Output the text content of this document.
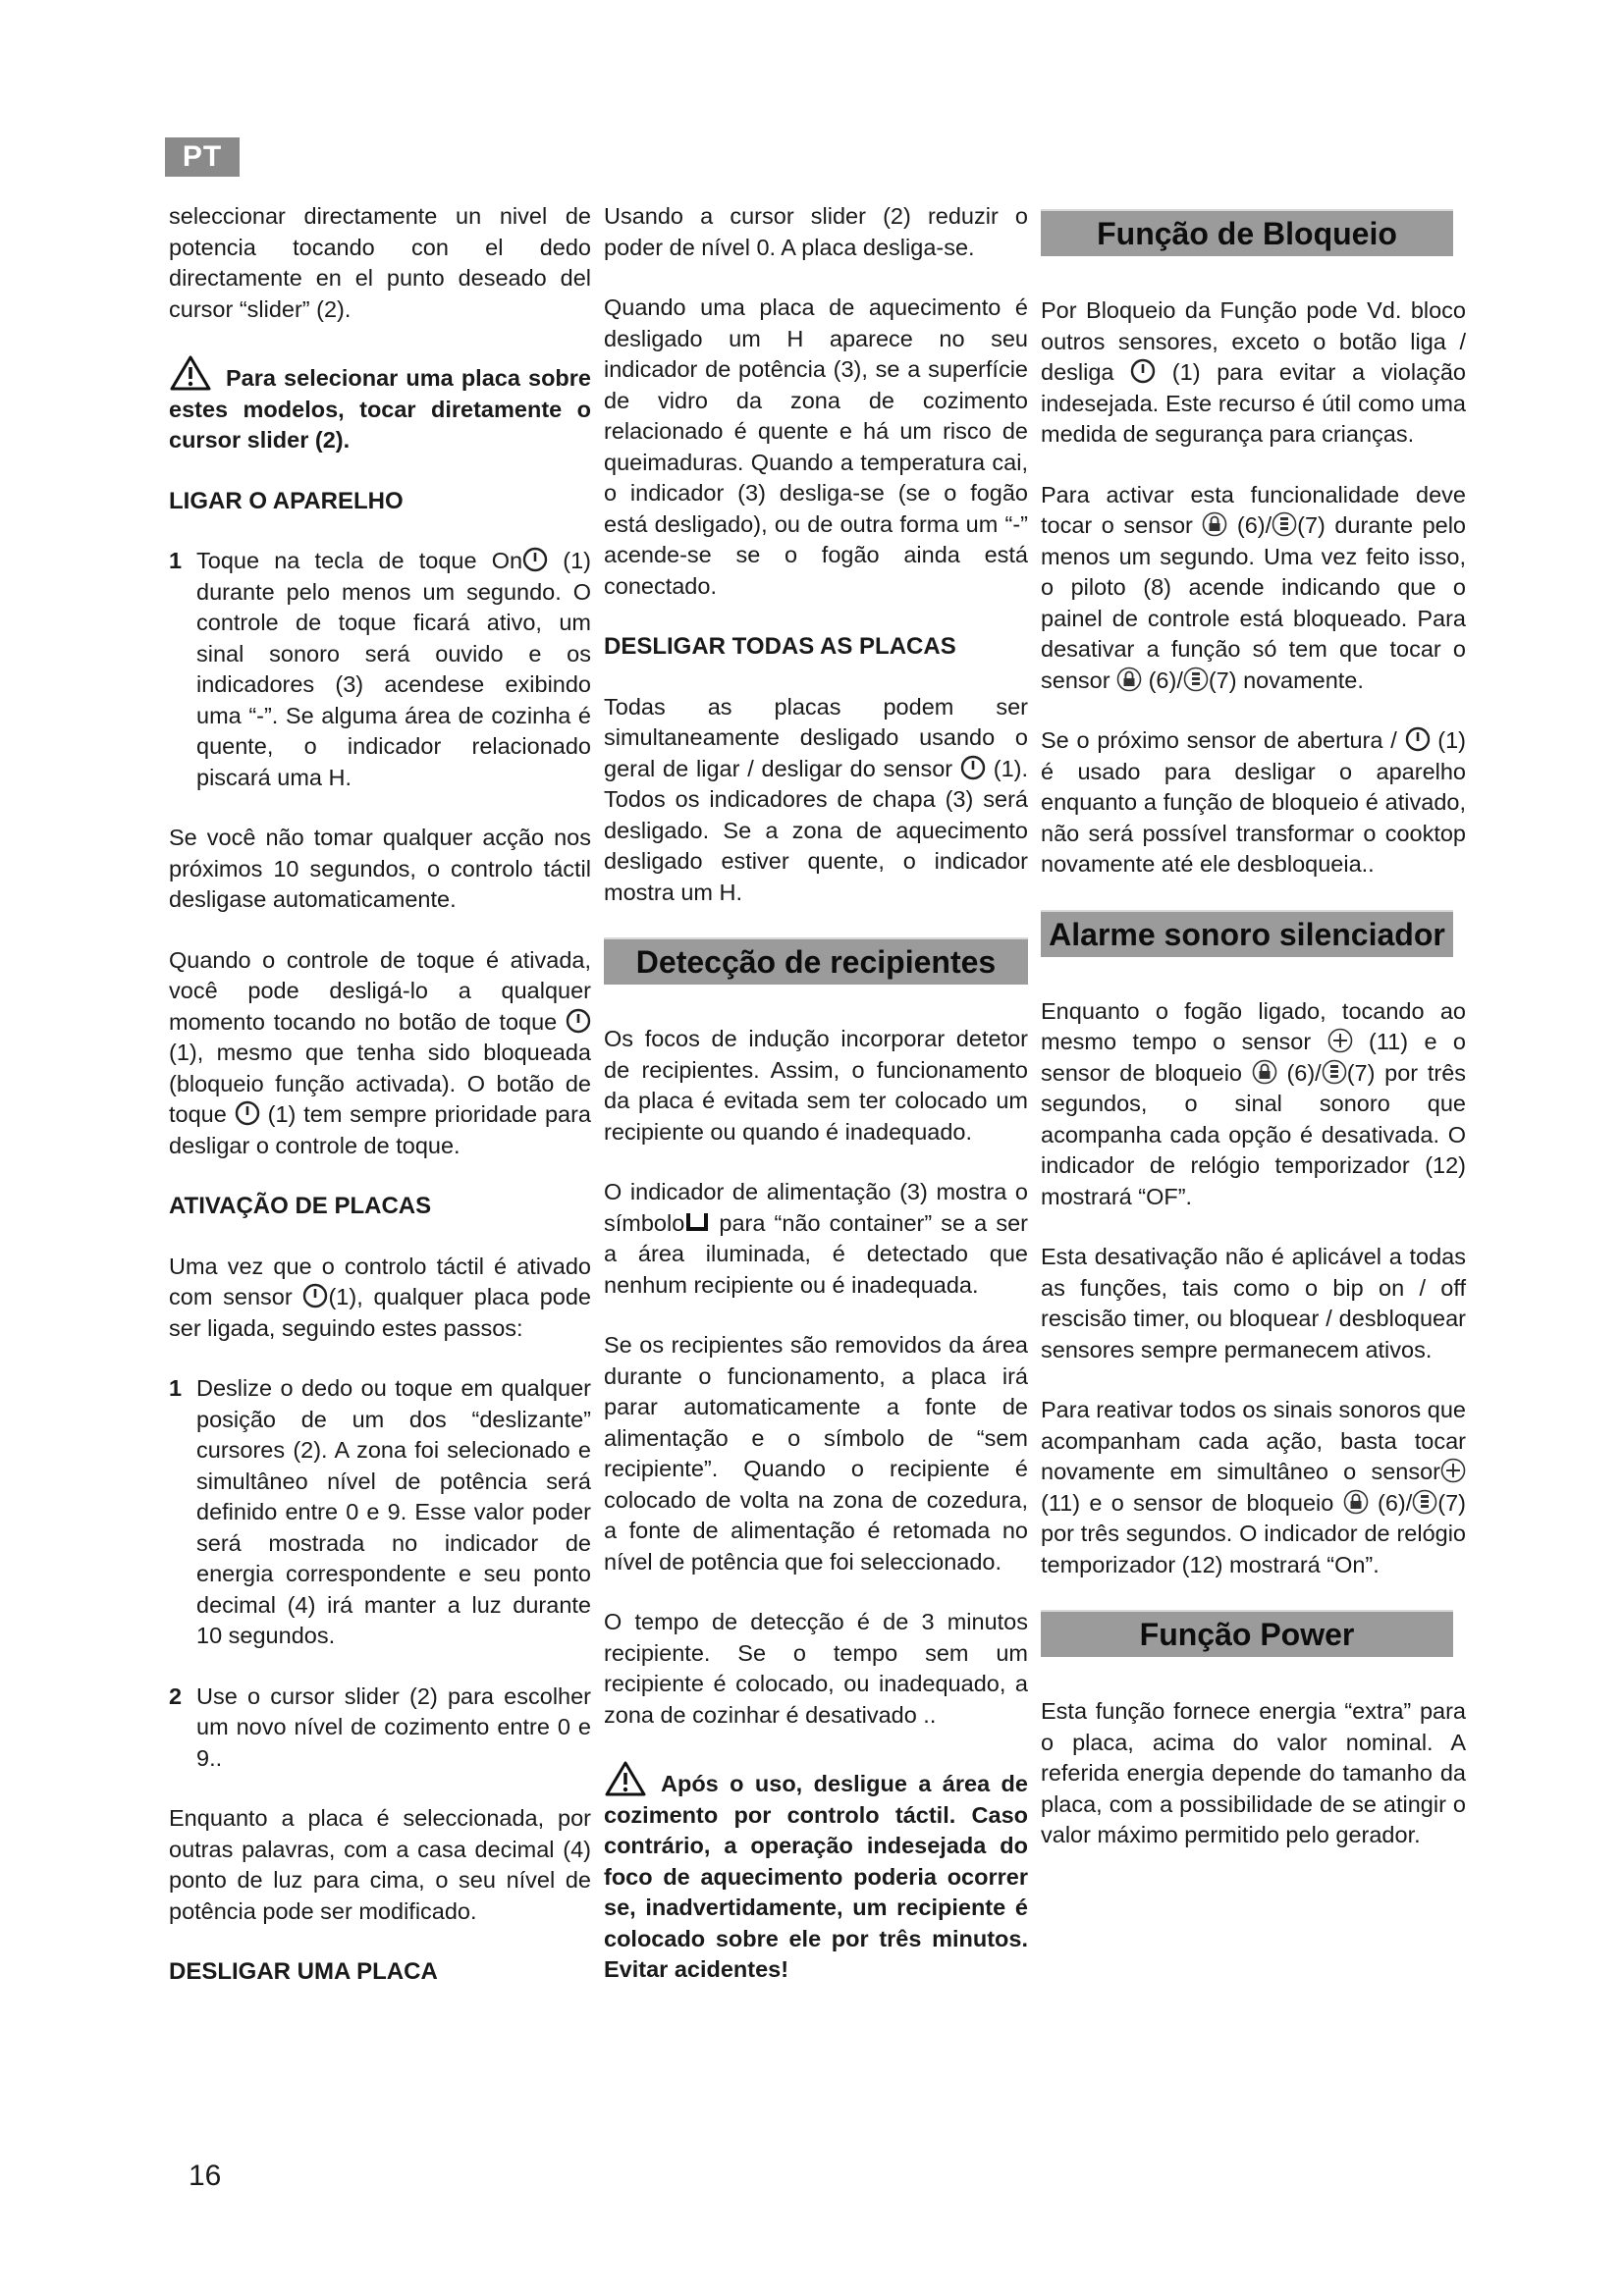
PT

seleccionar directamente un nivel de potencia tocando con el dedo directamente en el punto deseado del cursor “slider” (2).

Para selecionar uma placa sobre estes modelos, tocar diretamente o cursor slider (2).

LIGAR O APARELHO
1 Toque na tecla de toque On (1) durante pelo menos um segundo. O controle de toque ficará ativo, um sinal sonoro será ouvido e os indicadores (3) acendese exibindo uma “-”. Se alguma área de cozinha é quente, o indicador relacionado piscará uma H.

Se você não tomar qualquer acção nos próximos 10 segundos, o controlo táctil desligase automaticamente.

Quando o controle de toque é ativada, você pode desligá-lo a qualquer momento tocando no botão de toque (1), mesmo que tenha sido bloqueada (bloqueio função activada). O botão de toque  (1) tem sempre prioridade para desligar o controle de toque.

ATIVAÇÃO DE PLACAS

Uma vez que o controlo táctil é ativado com sensor (1), qualquer placa pode ser ligada, seguindo estes passos:

1 Deslize o dedo ou toque em qualquer posição de um dos “deslizante” cursores (2). A zona foi selecionado e simultâneo nível de potência será definido entre 0 e 9. Esse valor poder será mostrada no indicador de energia correspondente e seu ponto decimal (4) irá manter a luz durante 10 segundos.
2 Use o cursor slider (2) para escolher um novo nível de cozimento entre 0 e 9..

Enquanto a placa é seleccionada, por outras palavras, com a casa decimal (4) ponto de luz para cima, o seu nível de potência pode ser modificado.

DESLIGAR UMA PLACA

Usando a cursor slider (2) reduzir o poder de nível 0. A placa desliga-se.

Quando uma placa de aquecimento é desligado um H aparece no seu indicador de potência (3), se a superfície de vidro da zona de cozimento relacionado é quente e há um risco de queimaduras. Quando a temperatura cai, o indicador (3) desliga-se (se o fogão está desligado), ou de outra forma um “-” acende-se se o fogão ainda está conectado.

DESLIGAR TODAS AS PLACAS

Todas as placas podem ser simultaneamente desligado usando o geral de ligar / desligar do sensor  (1). Todos os indicadores de chapa (3) será desligado. Se a zona de aquecimento desligado estiver quente, o indicador mostra um H.

Detecção de recipientes

Os focos de indução incorporar detetor de recipientes. Assim, o funcionamento da placa é evitada sem ter colocado um recipiente ou quando é inadequado.

O indicador de alimentação (3) mostra o símbolo para “não container” se a ser a área iluminada, é detectado que nenhum recipiente ou é inadequada.

Se os recipientes são removidos da área durante o funcionamento, a placa irá parar automaticamente a fonte de alimentação e o símbolo de “sem recipiente”. Quando o recipiente é colocado de volta na zona de cozedura, a fonte de alimentação é retomada no nível de potência que foi seleccionado.

O tempo de detecção é de 3 minutos recipiente. Se o tempo sem um recipiente é colocado, ou inadequado, a zona de cozinhar é desativado ..

Após o uso, desligue a área de cozimento por controlo táctil. Caso contrário, a operação indesejada do foco de aquecimento poderia ocorrer se, inadvertidamente, um recipiente é colocado sobre ele por três minutos. Evitar acidentes!

Função de Bloqueio

Por Bloqueio da Função pode Vd. bloco outros sensores, exceto o botão liga / desliga  (1) para evitar a violação indesejada. Este recurso é útil como uma medida de segurança para crianças.

Para activar esta funcionalidade deve tocar o sensor  (6)/ (7) durante pelo menos um segundo. Uma vez feito isso, o piloto (8) acende indicando que o painel de controle está bloqueado. Para desativar a função só tem que tocar o sensor  (6)/ (7) novamente.

Se o próximo sensor de abertura /  (1) é usado para desligar o aparelho enquanto a função de bloqueio é ativado, não será possível transformar o cooktop novamente até ele desbloqueia..

Alarme sonoro silenciador

Enquanto o fogão ligado, tocando ao mesmo tempo o sensor  (11) e o sensor de bloqueio  (6)/ (7) por três segundos, o sinal sonoro que acompanha cada opção é desativada. O indicador de relógio temporizador (12) mostrará “OF”.

Esta desativação não é aplicável a todas as funções, tais como o bip on / off rescisão timer, ou bloquear / desbloquear sensores sempre permanecem ativos.

Para reativar todos os sinais sonoros que acompanham cada ação, basta tocar novamente em simultâneo o sensor (11) e o sensor de bloqueio  (6)/ (7) por três segundos. O indicador de relógio temporizador (12) mostrará “On”.

Função Power

Esta função fornece energia “extra” para o placa, acima do valor nominal. A referida energia depende do tamanho da placa, com a possibilidade de se atingir o valor máximo permitido pelo gerador.

16
